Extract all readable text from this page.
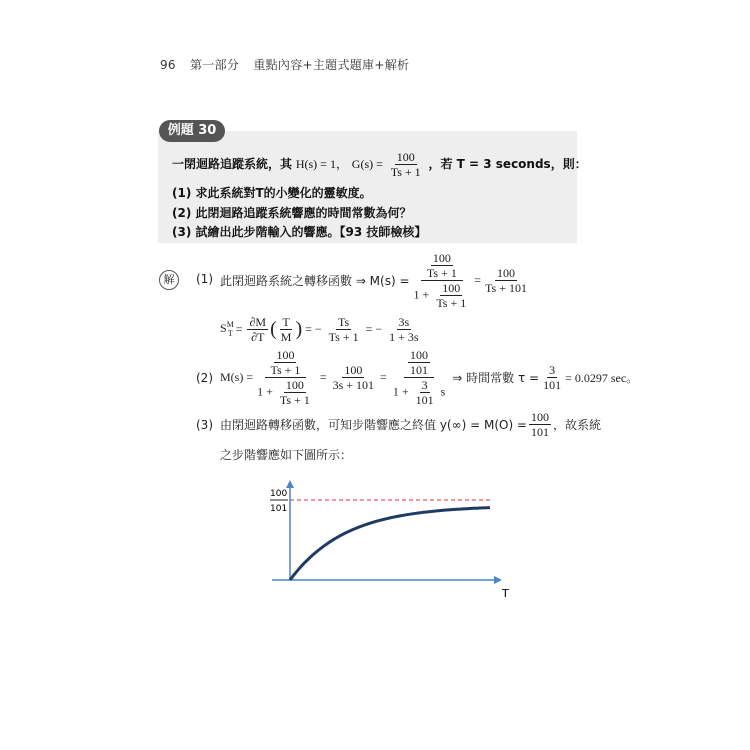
96 第一部分 重點內容+主題式題庫+解析
例題 30
一閉迴路追蹤系統，其 H(s) = 1， $G(s) = \frac{100}{Ts + 1}$ ，若 T = 3 seconds，則：
(1) 求此系統對T的小變化的靈敏度。
(2) 此閉迴路追蹤系統響應的時間常數為何？
(3) 試繪出此步階輸入的響應。【93 技師檢核】
解	(1) 此閉迴路系統之轉移函數 ⇒ $M(s) = \frac{\frac{100}{Ts + 1}}{1 + \frac{100}{Ts + 1}} = \frac{100}{Ts + 101}$
$S^M_T = \frac{\partial M}{\partial T}$ ( $\frac{T}{M}$ ) = − $\frac{Ts}{Ts + 1}$ = − $\frac{3s}{1 + 3s}$
(2) $M(s) = \frac{\frac{100}{Ts + 1}}{1 + \frac{100}{Ts + 1}} = \frac{100}{3s + 101} = \frac{\frac{100}{101}}{1 + \frac{3}{101} s}$ ⇒ 時間常數 $\tau = \frac{3}{101} = 0.0297$ sec。
(3) 由閉迴路轉移函數，可知步階響應之終值 $y(\infty) = M(O) = \frac{100}{101}$ ，故系統
之步階響應如下圖所示：
100
101
T
